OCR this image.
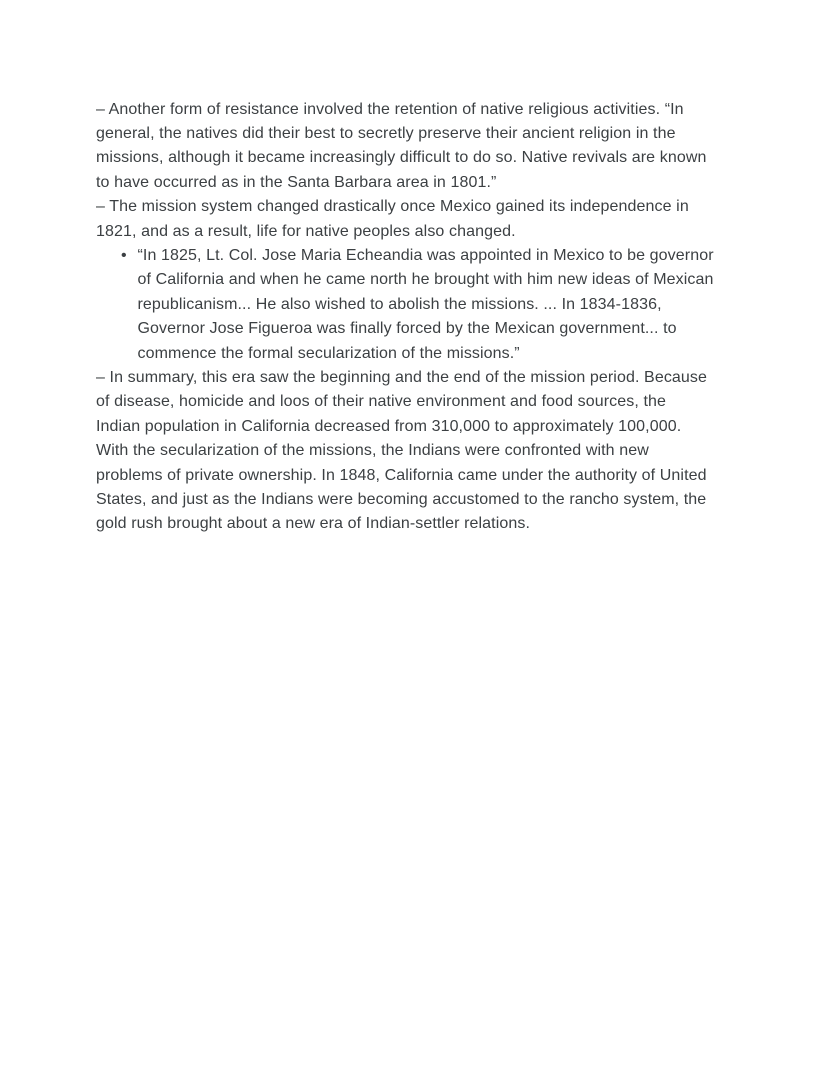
– Another form of resistance involved the retention of native religious activities. “In
general, the natives did their best to secretly preserve their ancient religion in the
missions, although it became increasingly difficult to do so. Native revivals are known
to have occurred as in the Santa Barbara area in 1801.”
– The mission system changed drastically once Mexico gained its independence in
1821, and as a result, life for native peoples also changed.
• “In 1825, Lt. Col. Jose Maria Echeandia was appointed in Mexico to be governor
of California and when he came north he brought with him new ideas of Mexican
republicanism... He also wished to abolish the missions. ... In 1834-1836,
Governor Jose Figueroa was finally forced by the Mexican government... to
commence the formal secularization of the missions.”
– In summary, this era saw the beginning and the end of the mission period. Because
of disease, homicide and loos of their native environment and food sources, the
Indian population in California decreased from 310,000 to approximately 100,000.
With the secularization of the missions, the Indians were confronted with new
problems of private ownership. In 1848, California came under the authority of United
States, and just as the Indians were becoming accustomed to the rancho system, the
gold rush brought about a new era of Indian-settler relations.
